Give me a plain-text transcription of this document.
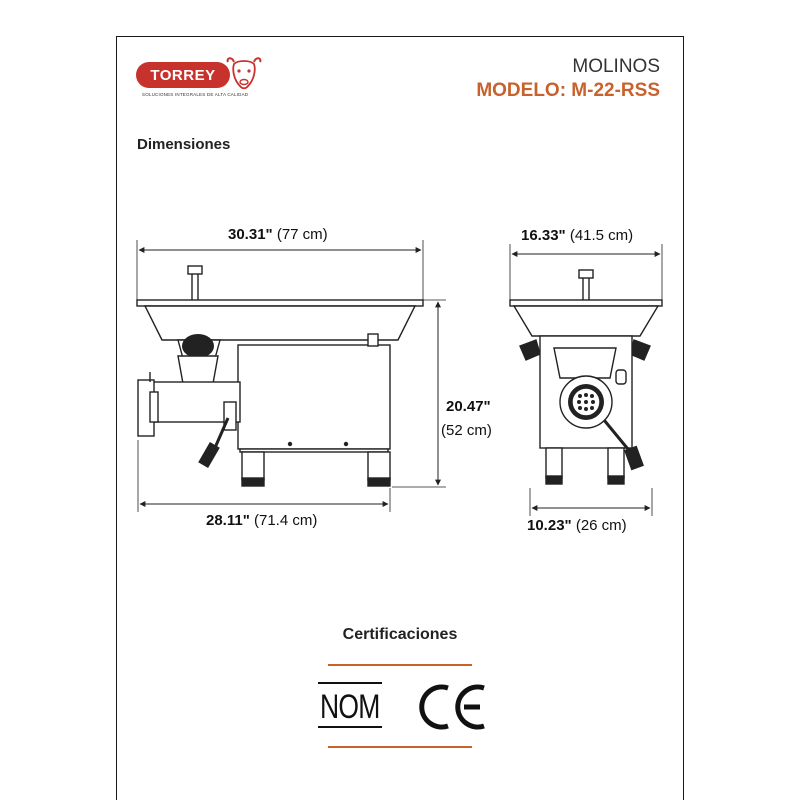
TORREY
SOLUCIONES INTEGRALES DE ALTA CALIDAD
MOLINOS
MODELO: M-22-RSS
Dimensiones
30.31" (77 cm)
28.11" (71.4 cm)
20.47"
(52 cm)
16.33" (41.5 cm)
10.23" (26 cm)
Certificaciones
NOM
CE
